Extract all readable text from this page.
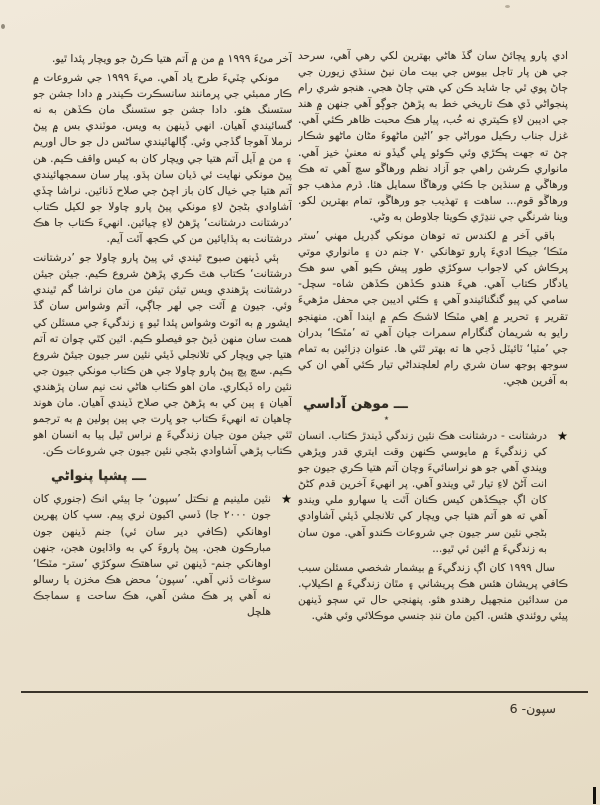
ادي پارو ڀڄائڻ سان گڏ هاڻي بهترين لکي رهي آهي، سرحد جي هن پار تاجل بيوس جي بيت مان نيڻ سنڌي زيورن جي ڄاڻ پوي ٿي جا شايد ڪن کي هتي ڄاڻ هجي. هنجو شري رام پنجواڻي ڏي هڪ تاريخي خط به پڙهڻ جوڳو آهي جنهن ۾ هند جي اديبن لاءِ ڪيتري نه حُب، پيار هڪ محبت ظاهر ڪئي آهي. غزل جناب رڪيل موراڻي جو ’اڻين ماڻهوءَ مڻان ماڻهو شڪار ڄڻ ته جهت پڪڙي وئي ڪوئو ڀلي گيڏو نه معنيٰ خيز آهي. مانواري ڪرشن راهي جو آزاد نظم ورهاڱو سچ آهي ته هڪ ورهاڱي ۾ سنڌين جا ڪئي ورهاڱا سمايل هئا. ڌرم مذهب جو ورهاڱو قوم... ساهت ۽ تهذيب جو ورهاڱو، تمام بهترين لکو. وينا شرنگي جي ننڍڙي ڪويتا جلاوطن به وڻي.

باقي آخر ۾ لکندس ته توهان مونکي گڊريل مهني ’ستر مٽڪا‘ جيڪا اديءَ پارو توهانکي ٧٠ جنم دن ۽ مانواري موتي پرڪاش کي لاجواب سوکڙي طور پيش ڪيو آهي سو هڪ يادگار ڪتاب آهي. هيءَ هندو ڪڏهن ڪڏهن شاه- سچل- سامي کي پيو گنگنائيندو آهي ۽ ڪئي اديبن جي محفل مڙهيءَ تقرير ۽ تحرير ۾ اِهي مٽڪا لاشڪ ڪم ۾ ايندا آهن. منهنجو رايو به شريمان گنگارام سمرات جيان آهي ته ’مٽڪا‘ بدران جي ’مٽيا‘ ٽائيٽل ڏجي ها ته بهتر ٿئي ها. عنوان ڊزائين به تمام سوجھ ٻوجھ سان شري رام لعلچنداڻي تيار ڪئي آهي ان کي به آفرين هجي.

ـــ موهن آداسي
٭
★
درشتانت - درشتانت هڪ نئين زندگي ڏيندڙ ڪتاب. انسان کي زندگيءَ ۾ مايوسي ڪنهن وقت ايتري قدر ويڙهي ويندي آهي جو هو نراسائيءَ وچان آتم هتيا ڪري جيون جو انت آڻڻ لاءِ تيار ٿي ويندو آهي. پر انهيءَ آخرين قدم کڻڻ کان اڳ جيڪڏهن کيس ڪنان آٿت يا سهارو ملي ويندو آهي ته هو آتم هتيا جي ويچار کي تلانجلي ڏيئي آشاوادي بڻجي نئين سر جيون جي شروعات ڪندو آهي. مون سان به زندگيءَ ۾ ائين ئي ٿيو...

سال ١٩٩٩ کان اڳ زندگيءَ ۾ بيشمار شخصي مسئلن سبب ڪافي پريشان هئس هڪ پريشاني ۽ مٿان زندگيءَ ۾ اڪيلاپ. من سدائين منجھيل رهندو هئو. پنهنجي حال تي سڄو ڏينهن پيئي روئندي هئس. اکين مان ننڊ جنسي موڪلائي وئي هئي.

آخر مئءَ ١٩٩٩ ۾ من ۾ آتم هتيا ڪرڻ جو ويچار پئدا ٿيو.

مونکي چٽيءَ طرح ياد آهي. ميءَ ١٩٩٩ جي شروعات ۾ ڪار ممبئي جي پرمانند سانسڪرت ڪيندر ۾ دادا جشن جو ستسنگ هئو. دادا جشن جو ستسنگ مان ڪڏهن به نه گسائيندي آهيان. انهي ڏينهن به ويس. موٽندي بس ۾ پيڻ نرملا آهوجا گڏجي وئي. ڳالهائيندي ساڻس دل جو حال اوريم ۽ من ۾ آيل آتم هتيا جي ويچار کان به کيس واقف ڪيم. هن پيڻ مونکي نهايت ئي ڌيان سان ٻڌو. پيار سان سمجھائيندي آتم هتيا جي خيال کان باز اچڻ جي صلاح ڏنائين. نراشا ڇڏي آشاوادي بڻجڻ لاءِ مونکي پيڻ پارو چاولا جو لکيل ڪتاب ’درشتانت درشتانت‘ پڙهڻ لاءِ چيائين. انهيءَ ڪتاب جا هڪ درشتانت به ٻڌايائين من کي ڪجھ آٿت آيم.

ٻئي ڏينهن صبوح ٿيندي ئي پيڻ پارو چاولا جو ’درشتانت درشتانت‘ ڪتاب هٿ ڪري پڙهڻ شروع ڪيم. جيئن جيئن درشتانت پڙهندي ويس تيئن تيئن من مان نراشا گم ٿيندي وئي. جيون ۾ آٿت جي لهر جاڳي، آتم وشواس سان گڏ ايشور ۾ به اٽوٽ وشواس پئدا ٿيو ۽ زندگيءَ جي مسئلن کي همت سان منهن ڏيڻ جو فيصلو ڪيم. ائين کٿي چوان ته آتم هتيا جي ويچار کي تلانجلي ڏيئي نئين سر جيون جيئڻ شروع ڪيم. سچ پچ پيڻ پارو چاولا جي هن ڪتاب مونکي جيون جي نئين راه ڏيکاري. مان اهو ڪتاب هاڻي نت نيم سان پڙهندي آهيان ۽ ٻين کي به پڙهڻ جي صلاح ڏيندي آهيان. مان هوند چاهيان ته انهيءَ ڪتاب جو ڀارت جي ٻين ٻولين ۾ به ترجمو ٿئي جيئن مون جيان زندگيءَ ۾ نراس ٿيل ٻيا به انسان اهو ڪتاب پڙهي آشاوادي بڻجي نئين جيون جي شروعات ڪن.

ـــ پشپا پنواڻي
★
نئين ملينيم ۾ نڪتل ’سپون‘ جا ٻيئي انڪ (جنوري کان جون ٢٠٠٠ جا) ڏسي اکيون ٺري پيم. سڀ کان پهرين اوهانکي (ڪافي دير سان ئي) جنم ڏينهن جون مبارڪون هجن. پيڻ پاروءَ کي به واڌايون هجن، جنهن اوهانکي جنم- ڏينهن تي ساهتڪ سوکڙي ’ستر- مٽڪا‘ سوغات ڏني آهي. ’سپون‘ محض هڪ مخزن يا رسالو نه آهي پر هڪ مشن آهي، هڪ ساحت ۽ سماجڪ هلچل
سپون- 6
